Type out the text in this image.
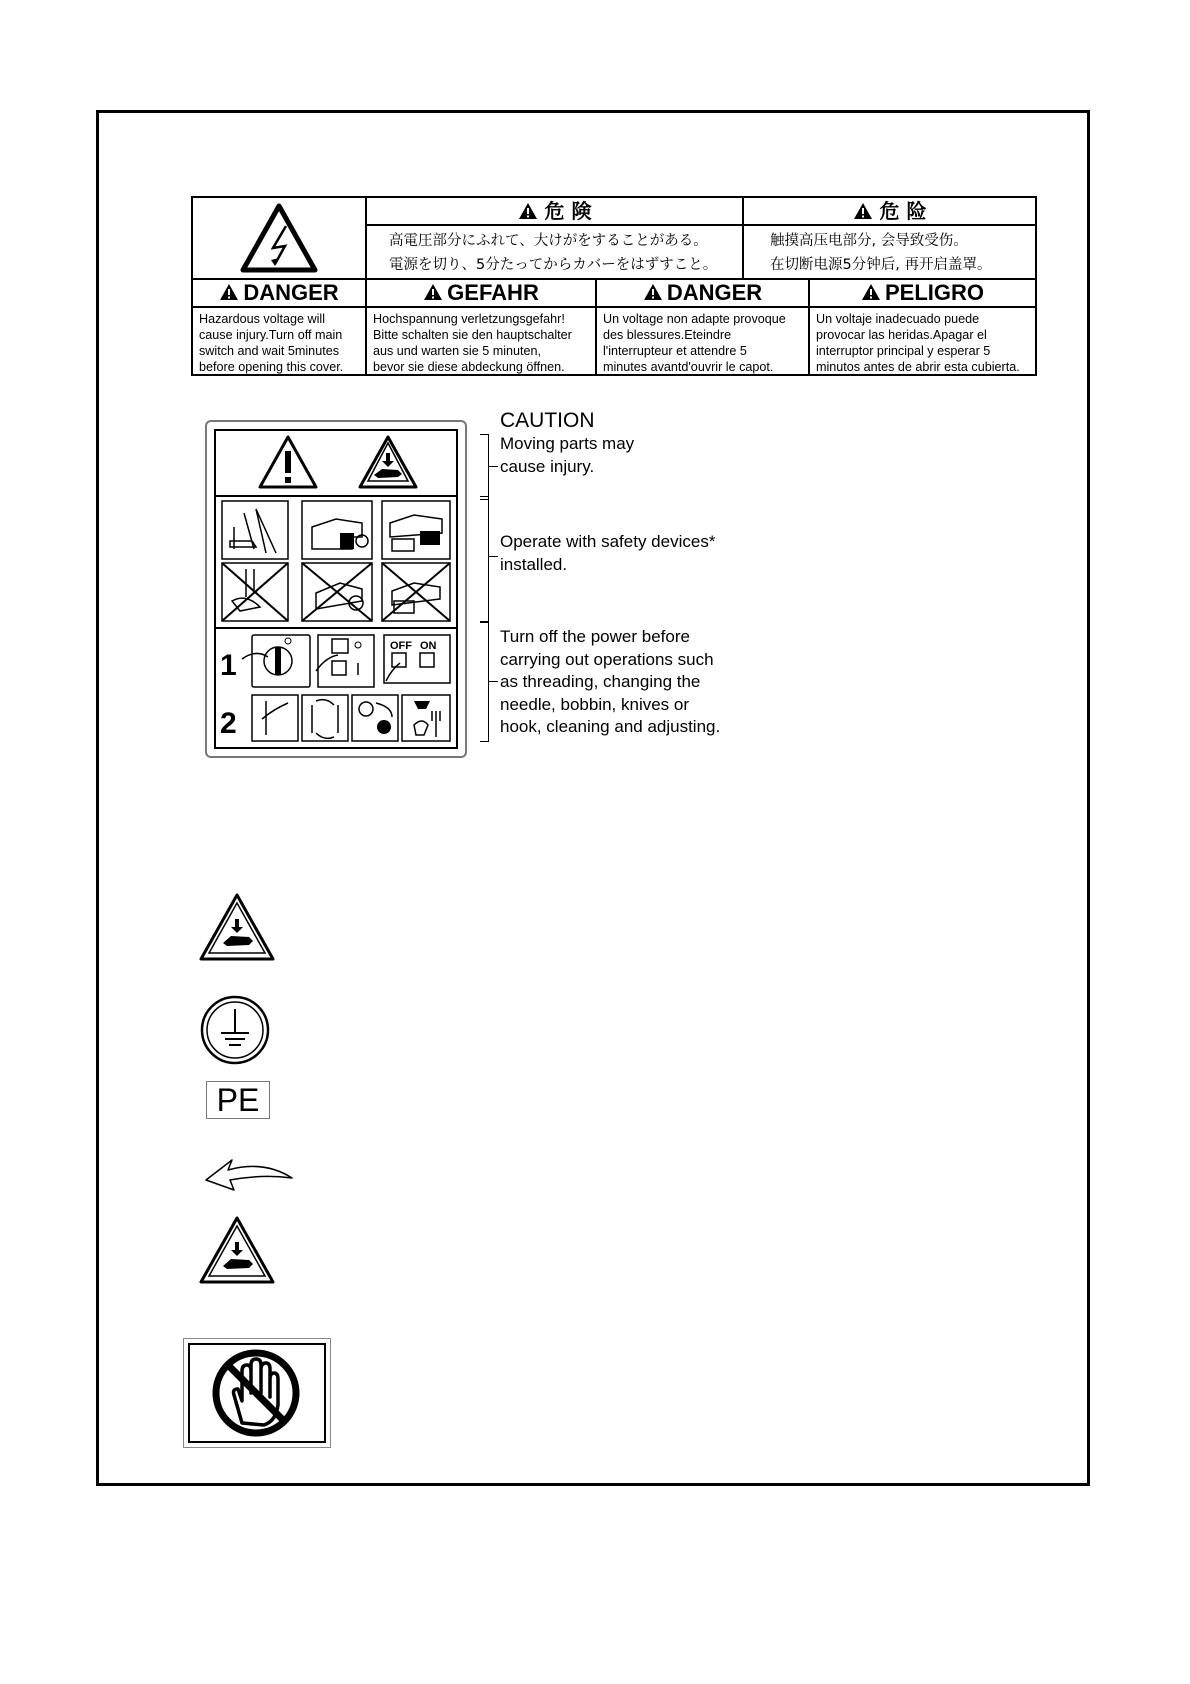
危 険
高電圧部分にふれて、大けがをすることがある。
電源を切り、5分たってからカバーをはずすこと。
危 险
触摸高压电部分, 会导致受伤。
在切断电源5分钟后, 再开启盖罩。
DANGER
Hazardous voltage will
cause injury.Turn off main
switch and wait 5minutes
before opening this cover.
GEFAHR
Hochspannung verletzungsgefahr!
Bitte schalten sie den hauptschalter
aus und warten sie 5 minuten,
bevor sie diese abdeckung öffnen.
DANGER
Un voltage non adapte provoque
des blessures.Eteindre
l'interrupteur et attendre 5
minutes avantd'ouvrir le capot.
PELIGRO
Un voltaje inadecuado puede
provocar las heridas.Apagar el
interruptor principal y esperar 5
minutos antes de abrir esta cubierta.
1
2
OFF ON
CAUTION
Moving parts may
cause injury.
Operate with safety devices*
installed.
Turn off the power before
carrying out operations such
as threading, changing the
needle, bobbin, knives or
hook, cleaning and adjusting.
PE
